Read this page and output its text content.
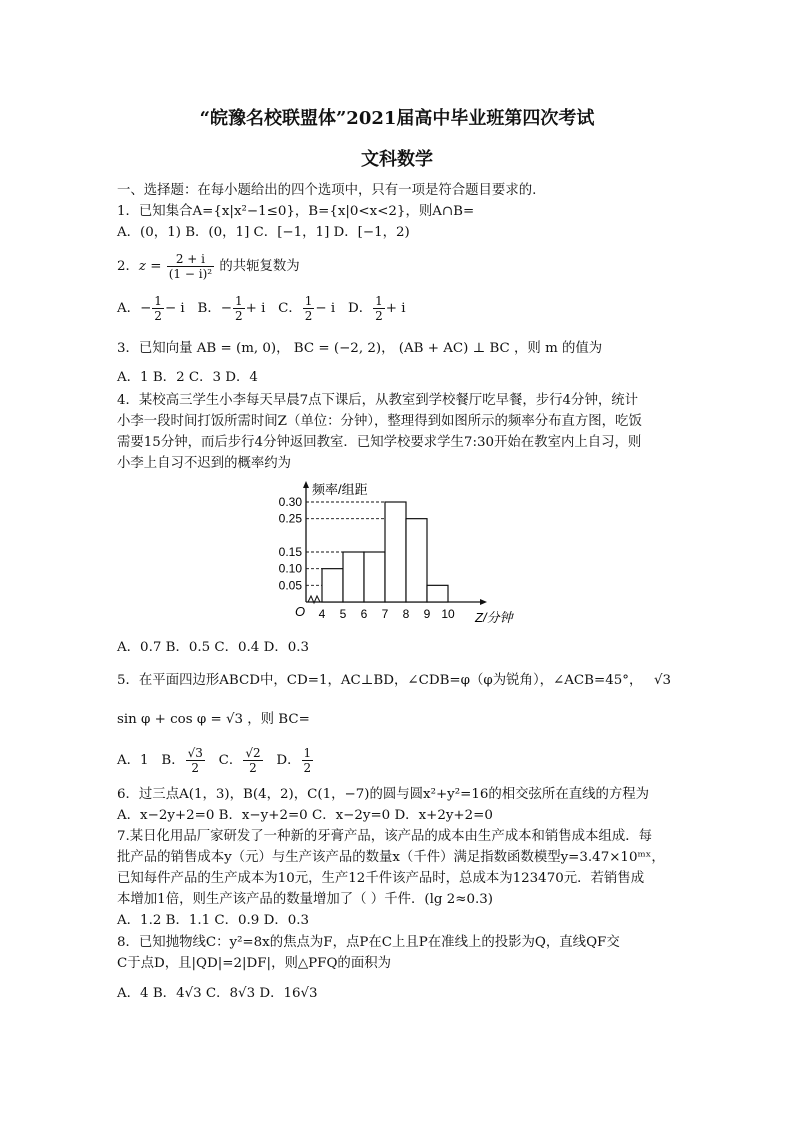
“皖豫名校联盟体”2021届高中毕业班第四次考试
文科数学
一、选择题：在每小题给出的四个选项中，只有一项是符合题目要求的.
1．已知集合A={x|x²−1≤0}，B={x|0<x<2}，则A∩B=
A．(0，1) B．(0，1] C．[−1，1] D．[−1，2)
2．$z = \frac{2 + i}{\text{(1 − i)²}}$ 的共轭复数为
A．− $\frac{1}{2} - i$ B．− $\frac{1}{2} + i$ C． $\frac{1}{2} - i$ D． $\frac{1}{2} + i$
3．已知向量 AB = (m, 0)， BC = (−2, 2)， (AB + AC) ⊥ BC ，则 m 的值为
A．1 B．2 C．3 D．4
4．某校高三学生小李每天早晨7点下课后，从教室到学校餐厅吃早餐，步行4分钟，统计
小李一段时间打饭所需时间Z（单位：分钟），整理得到如图所示的频率分布直方图，吃饭
需要15分钟，而后步行4分钟返回教室．已知学校要求学生7:30开始在教室内上自习，则
小李上自习不迟到的概率约为
频率/组距
Z/分钟
O
0.05
0.10
0.15
0.25
0.30
4 5 6 7 8 9 10
A．0.7 B．0.5 C．0.4 D．0.3
5．在平面四边形ABCD中，CD=1，AC⊥BD，∠CDB=φ（φ为锐角），∠ACB=45°， √3
sin φ + cos φ = √3 ，则 BC=
A．1 B． $\frac{√3}{2}$ C． $\frac{√2}{2}$ D． $\frac{1}{2}$
6．过三点A(1，3)，B(4，2)，C(1，−7)的圆与圆x²+y²=16的相交弦所在直线的方程为
A．x−2y+2=0 B．x−y+2=0 C．x−2y=0 D．x+2y+2=0
7.某日化用品厂家研发了一种新的牙膏产品，该产品的成本由生产成本和销售成本组成．每
批产品的销售成本y（元）与生产该产品的数量x（千件）满足指数函数模型y=3.47×10ᵐˣ，
已知每件产品的生产成本为10元，生产12千件该产品时，总成本为123470元．若销售成
本增加1倍，则生产该产品的数量增加了（ ）千件．(lg 2≈0.3)
A．1.2 B．1.1 C．0.9 D．0.3
8．已知抛物线C：y²=8x的焦点为F，点P在C上且P在准线上的投影为Q，直线QF交
C于点D，且|QD|=2|DF|，则△PFQ的面积为
A．4 B．4√3 C．8√3 D．16√3
